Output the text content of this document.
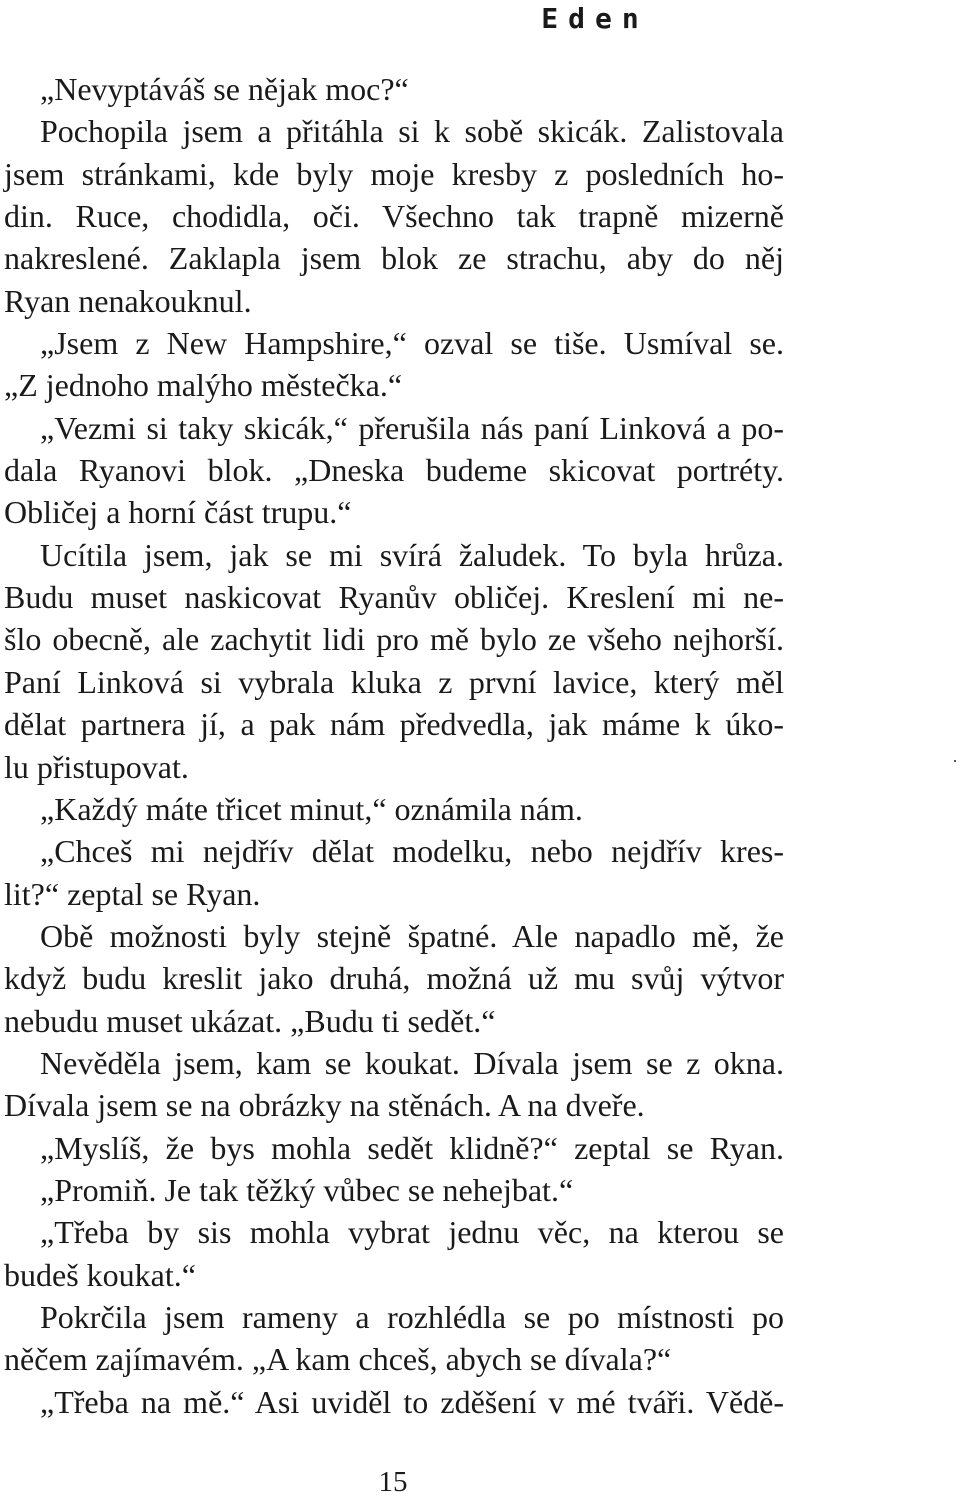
Eden
„Nevyptáváš se nějak moc?“
Pochopila jsem a přitáhla si k sobě skicák. Zalistovala
jsem stránkami, kde byly moje kresby z posledních ho-
din. Ruce, chodidla, oči. Všechno tak trapně mizerně
nakreslené. Zaklapla jsem blok ze strachu, aby do něj
Ryan nenakouknul.
„Jsem z New Hampshire,“ ozval se tiše. Usmíval se.
„Z jednoho malýho městečka.“
„Vezmi si taky skicák,“ přerušila nás paní Linková a po-
dala Ryanovi blok. „Dneska budeme skicovat portréty.
Obličej a horní část trupu.“
Ucítila jsem, jak se mi svírá žaludek. To byla hrůza.
Budu muset naskicovat Ryanův obličej. Kreslení mi ne-
šlo obecně, ale zachytit lidi pro mě bylo ze všeho nejhorší.
Paní Linková si vybrala kluka z první lavice, který měl
dělat partnera jí, a pak nám předvedla, jak máme k úko-
lu přistupovat.
„Každý máte třicet minut,“ oznámila nám.
„Chceš mi nejdřív dělat modelku, nebo nejdřív kres-
lit?“ zeptal se Ryan.
Obě možnosti byly stejně špatné. Ale napadlo mě, že
když budu kreslit jako druhá, možná už mu svůj výtvor
nebudu muset ukázat. „Budu ti sedět.“
Nevěděla jsem, kam se koukat. Dívala jsem se z okna.
Dívala jsem se na obrázky na stěnách. A na dveře.
„Myslíš, že bys mohla sedět klidně?“ zeptal se Ryan.
„Promiň. Je tak těžký vůbec se nehejbat.“
„Třeba by sis mohla vybrat jednu věc, na kterou se
budeš koukat.“
Pokrčila jsem rameny a rozhlédla se po místnosti po
něčem zajímavém. „A kam chceš, abych se dívala?“
„Třeba na mě.“ Asi uviděl to zděšení v mé tváři. Vědě-
15
